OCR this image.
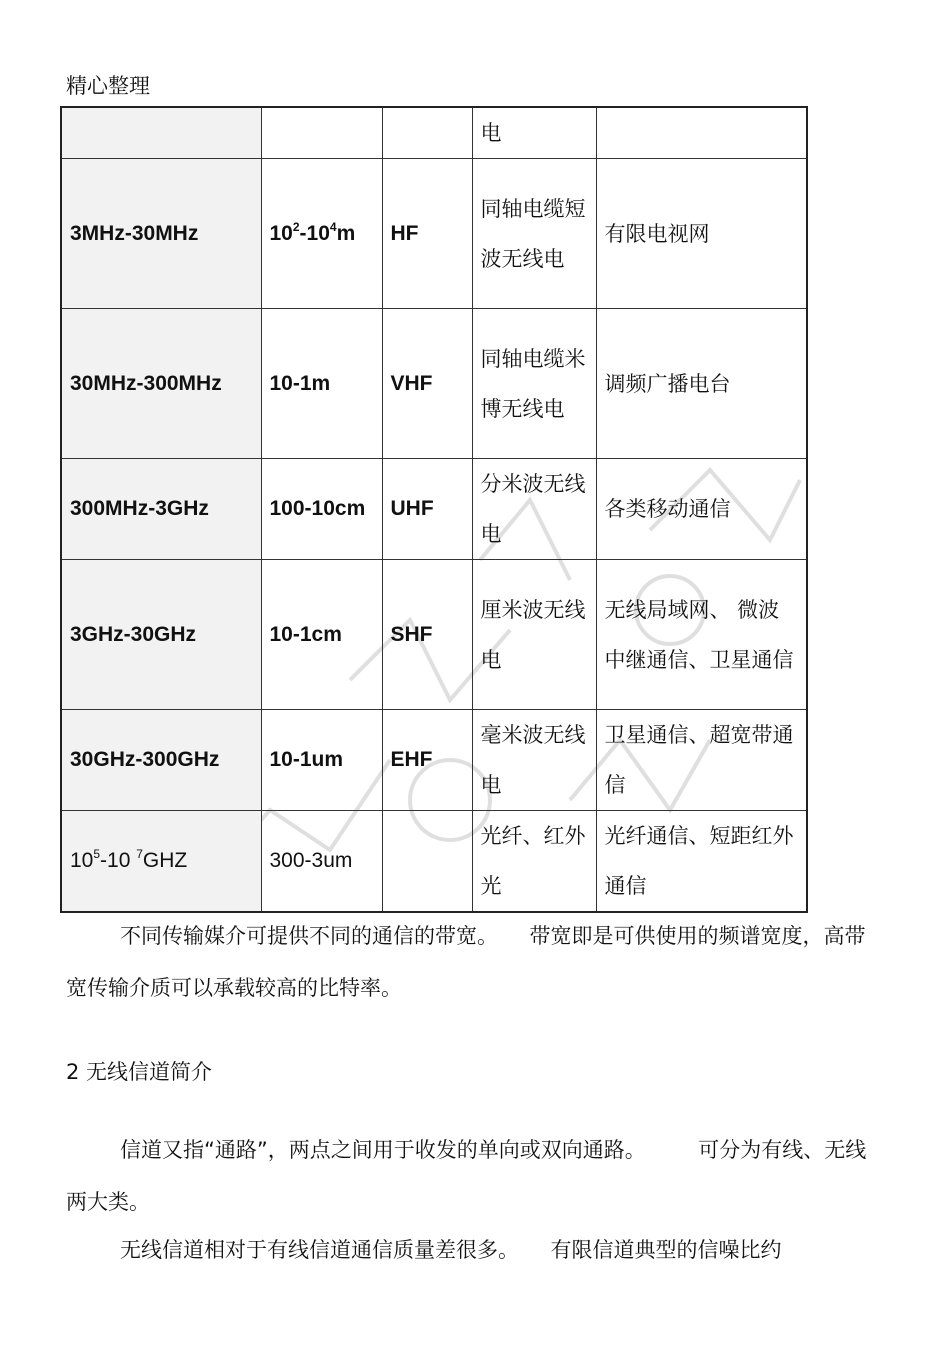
精心整理
			电	
3MHz-30MHz	$10^2-10^4m$	HF	同轴电缆短波无线电	有限电视网
30MHz-300MHz	10-1m	VHF	同轴电缆米博无线电	调频广播电台
300MHz-3GHz	100-10cm	UHF	分米波无线电	各类移动通信
3GHz-30GHz	10-1cm	SHF	厘米波无线电	无线局域网、 微波中继通信、卫星通信
30GHz-300GHz	10-1um	EHF	毫米波无线电	卫星通信、超宽带通信
$10^5-10$ $^7$GHZ	300-3um		光纤、红外光	光纤通信、短距红外通信
不同传输媒介可提供不同的通信的带宽。　　带宽即是可供使用的频谱宽度，高带宽传输介质可以承载较高的比特率。
2 无线信道简介
信道又指“通路”，两点之间用于收发的单向或双向通路。　　　可分为有线、无线两大类。
无线信道相对于有线信道通信质量差很多。　　有限信道典型的信噪比约
